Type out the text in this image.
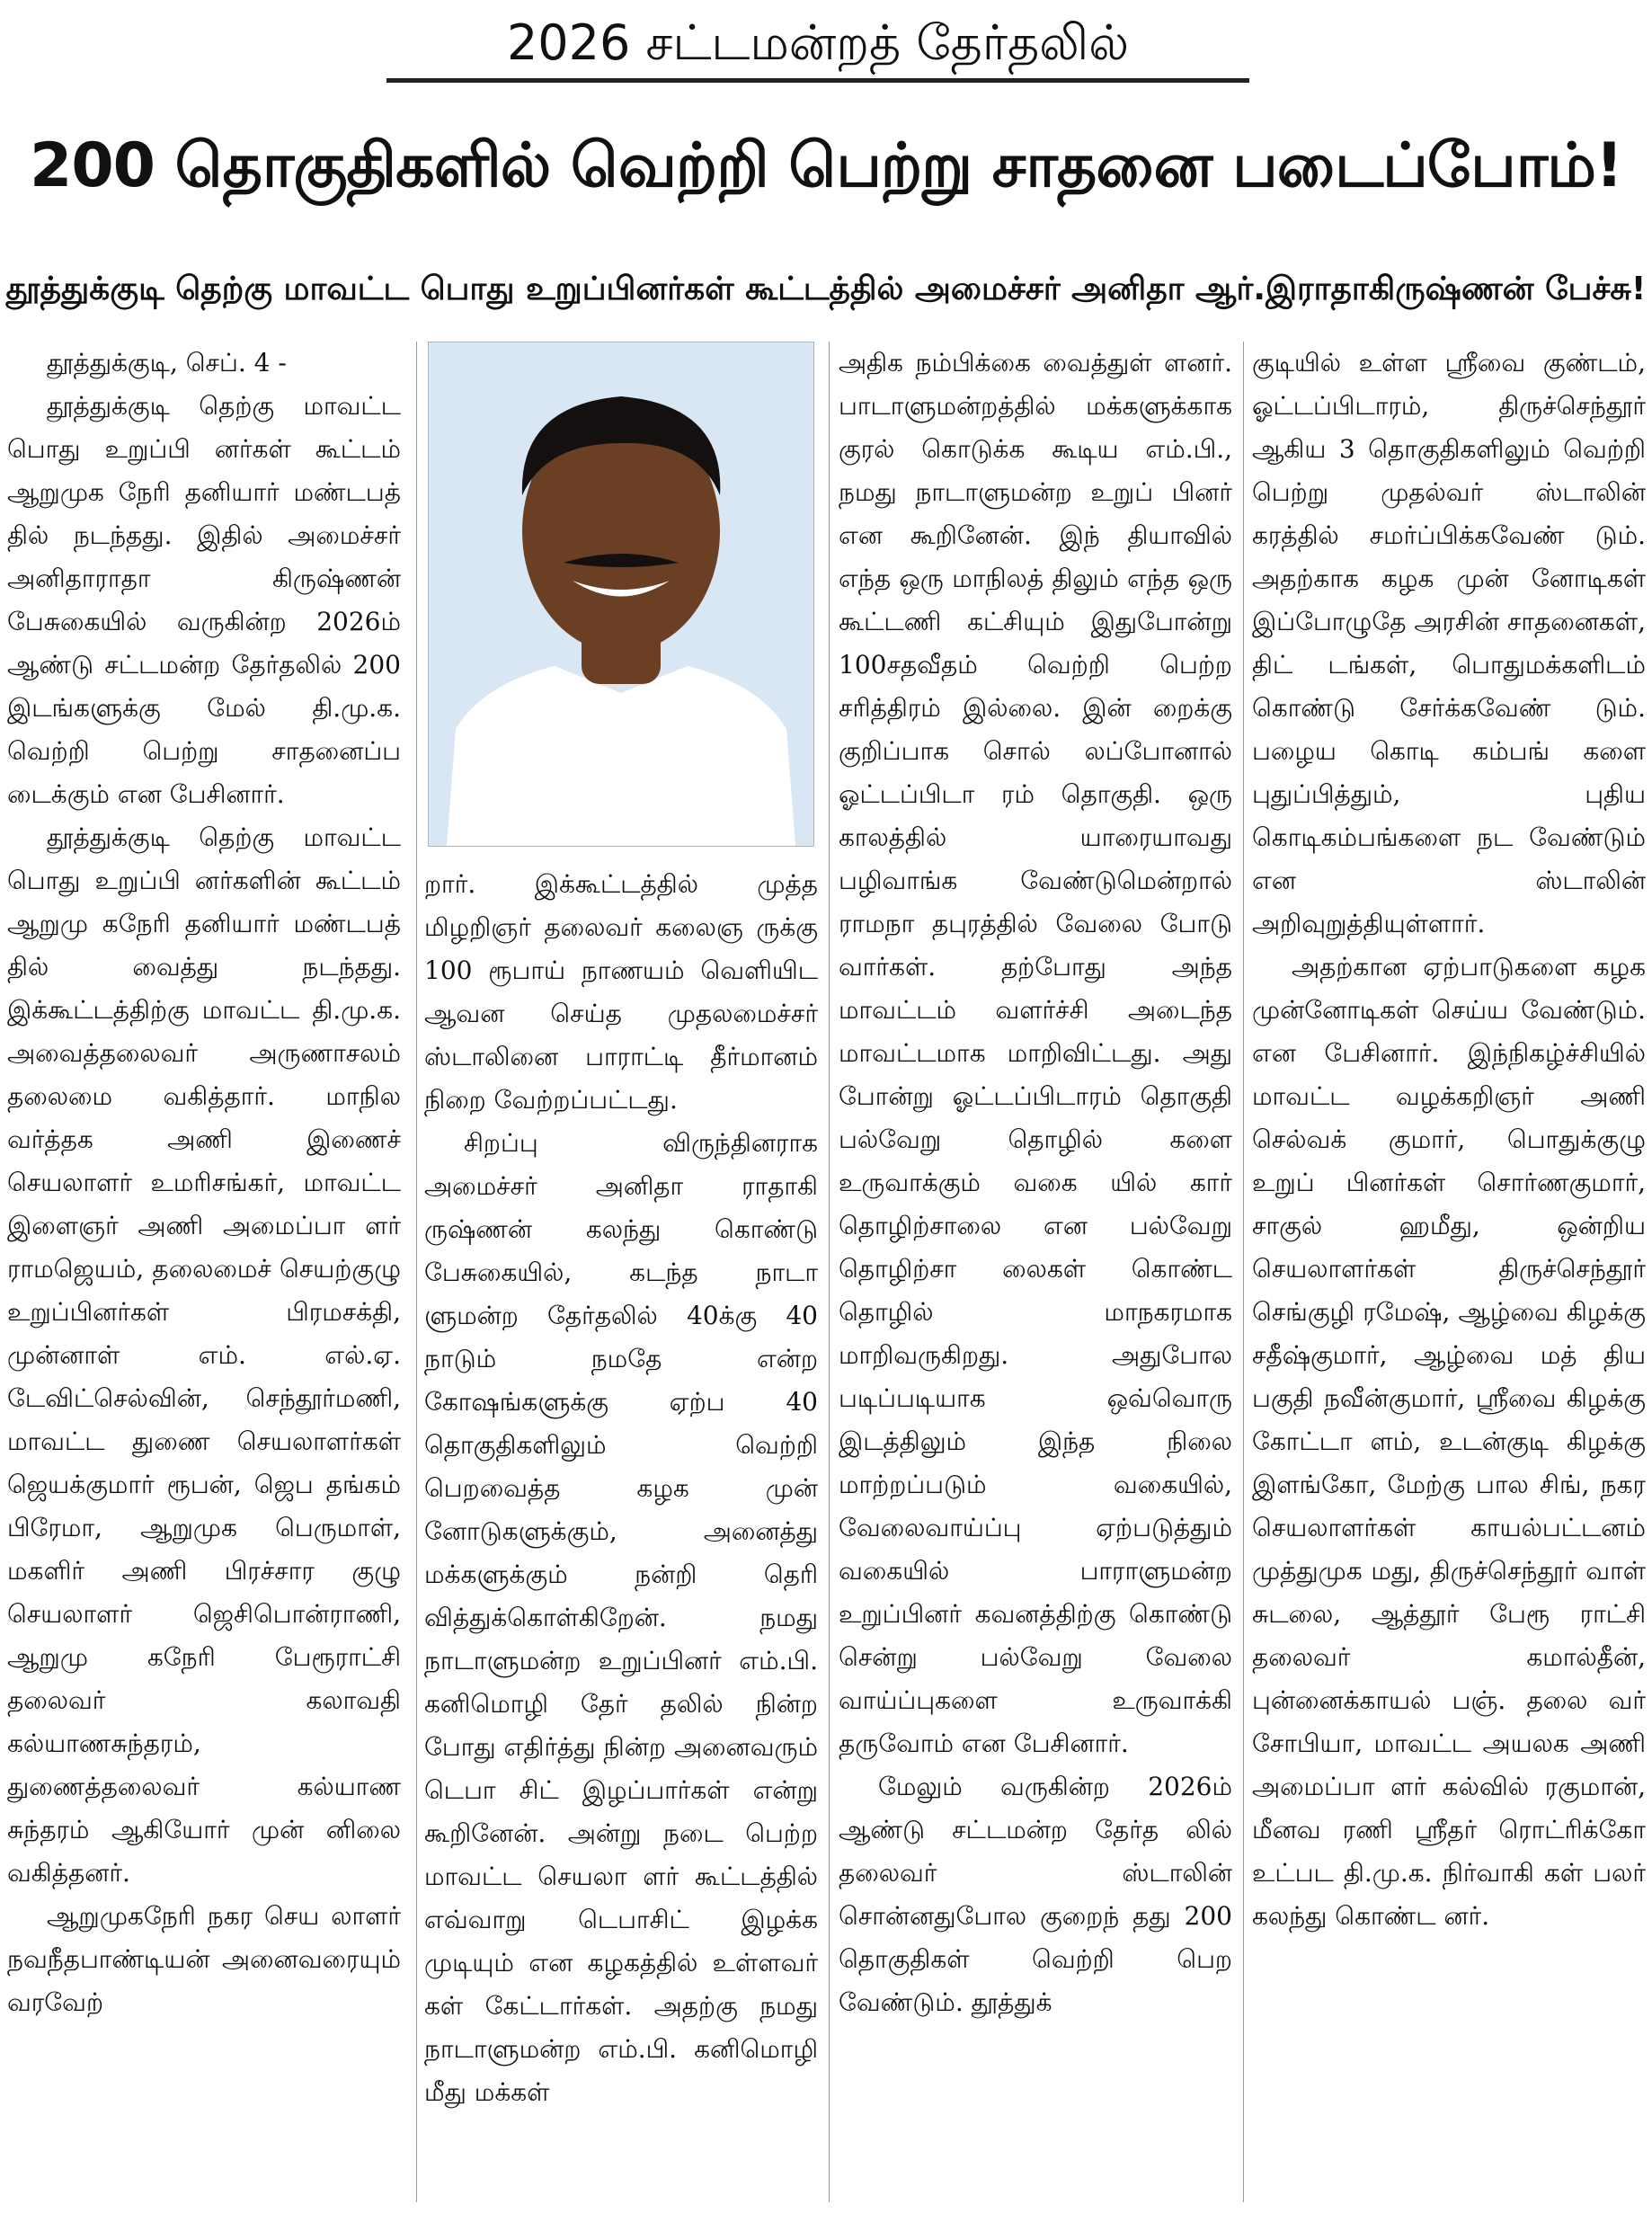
2026 சட்டமன்றத் தேர்தலில்
200 தொகுதிகளில் வெற்றி பெற்று சாதனை படைப்போம்!
தூத்துக்குடி தெற்கு மாவட்ட பொது உறுப்பினர்கள் கூட்டத்தில் அமைச்சர் அனிதா ஆர்.இராதாகிருஷ்ணன் பேச்சு!

தூத்துக்குடி, செப். 4 -

தூத்துக்குடி தெற்கு மாவட்ட பொது உறுப்பி னர்கள் கூட்டம் ஆறுமுக நேரி தனியார் மண்டபத் தில் நடந்தது. இதில் அமைச்சர் அனிதாராதா கிருஷ்ணன் பேசுகையில் வருகின்ற 2026ம் ஆண்டு சட்டமன்ற தேர்தலில் 200 இடங்களுக்கு மேல் தி.மு.க. வெற்றி பெற்று சாதனைப்ப டைக்கும் என பேசினார்.

தூத்துக்குடி தெற்கு மாவட்ட பொது உறுப்பி னர்களின் கூட்டம் ஆறுமு கநேரி தனியார் மண்டபத் தில் வைத்து நடந்தது. இக்கூட்டத்திற்கு மாவட்ட தி.மு.க. அவைத்தலைவர் அருணாசலம் தலைமை வகித்தார். மாநில வர்த்தக அணி இணைச் செயலாளர் உமரிசங்கர், மாவட்ட இளைஞர் அணி அமைப்பா ளர் ராமஜெயம், தலைமைச் செயற்குழு உறுப்பினர்கள் பிரமசக்தி, முன்னாள் எம். எல்.ஏ. டேவிட்செல்வின், செந்தூர்மணி, மாவட்ட துணை செயலாளர்கள் ஜெயக்குமார் ரூபன், ஜெப தங்கம் பிரேமா, ஆறுமுக பெருமாள், மகளிர் அணி பிரச்சார குழு செயலாளர் ஜெசிபொன்ராணி, ஆறுமு கநேரி பேரூராட்சி தலைவர் கலாவதி கல்யாணசுந்தரம், துணைத்தலைவர் கல்யாண சுந்தரம் ஆகியோர் முன் னிலை வகித்தனர்.

ஆறுமுகநேரி நகர செய லாளர் நவநீதபாண்டியன் அனைவரையும் வரவேற்

றார். இக்கூட்டத்தில் முத்த மிழறிஞர் தலைவர் கலைஞ ருக்கு 100 ரூபாய் நாணயம் வெளியிட ஆவன செய்த முதலமைச்சர் ஸ்டாலினை பாராட்டி தீர்மானம் நிறை வேற்றப்பட்டது.

சிறப்பு விருந்தினராக அமைச்சர் அனிதா ராதாகி ருஷ்ணன் கலந்து கொண்டு பேசுகையில், கடந்த நாடா ளுமன்ற தேர்தலில் 40க்கு 40 நாடும் நமதே என்ற கோஷங்களுக்கு ஏற்ப 40 தொகுதிகளிலும் வெற்றி பெறவைத்த கழக முன் னோடுகளுக்கும், அனைத்து மக்களுக்கும் நன்றி தெரி வித்துக்கொள்கிறேன். நமது நாடாளுமன்ற உறுப்பினர் எம்.பி. கனிமொழி தேர் தலில் நின்ற போது எதிர்த்து நின்ற அனைவரும் டெபா சிட் இழப்பார்கள் என்று கூறினேன். அன்று நடை பெற்ற மாவட்ட செயலா ளர் கூட்டத்தில் எவ்வாறு டெபாசிட் இழக்க முடியும் என கழகத்தில் உள்ளவர் கள் கேட்டார்கள். அதற்கு நமது நாடாளுமன்ற எம்.பி. கனிமொழி மீது மக்கள்

அதிக நம்பிக்கை வைத்துள் ளனர். பாடாளுமன்றத்தில் மக்களுக்காக குரல் கொடுக்க கூடிய எம்.பி., நமது நாடாளுமன்ற உறுப் பினர் என கூறினேன். இந் தியாவில் எந்த ஒரு மாநிலத் திலும் எந்த ஒரு கூட்டணி கட்சியும் இதுபோன்று 100சதவீதம் வெற்றி பெற்ற சரித்திரம் இல்லை. இன் றைக்கு குறிப்பாக சொல் லப்போனால் ஓட்டப்பிடா ரம் தொகுதி. ஒரு காலத்தில் யாரையாவது பழிவாங்க வேண்டுமென்றால் ராமநா தபுரத்தில் வேலை போடு வார்கள். தற்போது அந்த மாவட்டம் வளர்ச்சி அடைந்த மாவட்டமாக மாறிவிட்டது. அது போன்று ஓட்டப்பிடாரம் தொகுதி பல்வேறு தொழில் களை உருவாக்கும் வகை யில் கார் தொழிற்சாலை என பல்வேறு தொழிற்சா லைகள் கொண்ட தொழில் மாநகரமாக மாறிவருகிறது. அதுபோல படிப்படியாக ஒவ்வொரு இடத்திலும் இந்த நிலை மாற்றப்படும் வகையில், வேலைவாய்ப்பு ஏற்படுத்தும் வகையில் பாராளுமன்ற உறுப்பினர் கவனத்திற்கு கொண்டு சென்று பல்வேறு வேலை வாய்ப்புகளை உருவாக்கி தருவோம் என பேசினார்.

மேலும் வருகின்ற 2026ம் ஆண்டு சட்டமன்ற தேர்த லில் தலைவர் ஸ்டாலின் சொன்னதுபோல குறைந் தது 200 தொகுதிகள் வெற்றி பெற வேண்டும். தூத்துக்

குடியில் உள்ள ஸ்ரீவை குண்டம், ஓட்டப்பிடாரம், திருச்செந்தூர் ஆகிய 3 தொகுதிகளிலும் வெற்றி பெற்று முதல்வர் ஸ்டாலின் கரத்தில் சமர்ப்பிக்கவேண் டும். அதற்காக கழக முன் னோடிகள் இப்போழுதே அரசின் சாதனைகள், திட் டங்கள், பொதுமக்களிடம் கொண்டு சேர்க்கவேண் டும். பழைய கொடி கம்பங் களை புதுப்பித்தும், புதிய கொடிகம்பங்களை நட வேண்டும் என ஸ்டாலின் அறிவுறுத்தியுள்ளார்.

அதற்கான ஏற்பாடுகளை கழக முன்னோடிகள் செய்ய வேண்டும். என பேசினார். இந்நிகழ்ச்சியில் மாவட்ட வழக்கறிஞர் அணி செல்வக் குமார், பொதுக்குழு உறுப் பினர்கள் சொர்ணகுமார், சாகுல் ஹமீது, ஒன்றிய செயலாளர்கள் திருச்செந்தூர் செங்குழி ரமேஷ், ஆழ்வை கிழக்கு சதீஷ்குமார், ஆழ்வை மத் திய பகுதி நவீன்குமார், ஸ்ரீவை கிழக்கு கோட்டா ளம், உடன்குடி கிழக்கு இளங்கோ, மேற்கு பால சிங், நகர செயலாளர்கள் காயல்பட்டனம் முத்துமுக மது, திருச்செந்தூர் வாள் சுடலை, ஆத்தூர் பேரூ ராட்சி தலைவர் கமால்தீன், புன்னைக்காயல் பஞ். தலை வர் சோபியா, மாவட்ட அயலக அணி அமைப்பா ளர் கல்வில் ரகுமான், மீனவ ரணி ஸ்ரீதர் ரொட்ரிக்கோ உட்பட தி.மு.க. நிர்வாகி கள் பலர் கலந்து கொண்ட னர்.
